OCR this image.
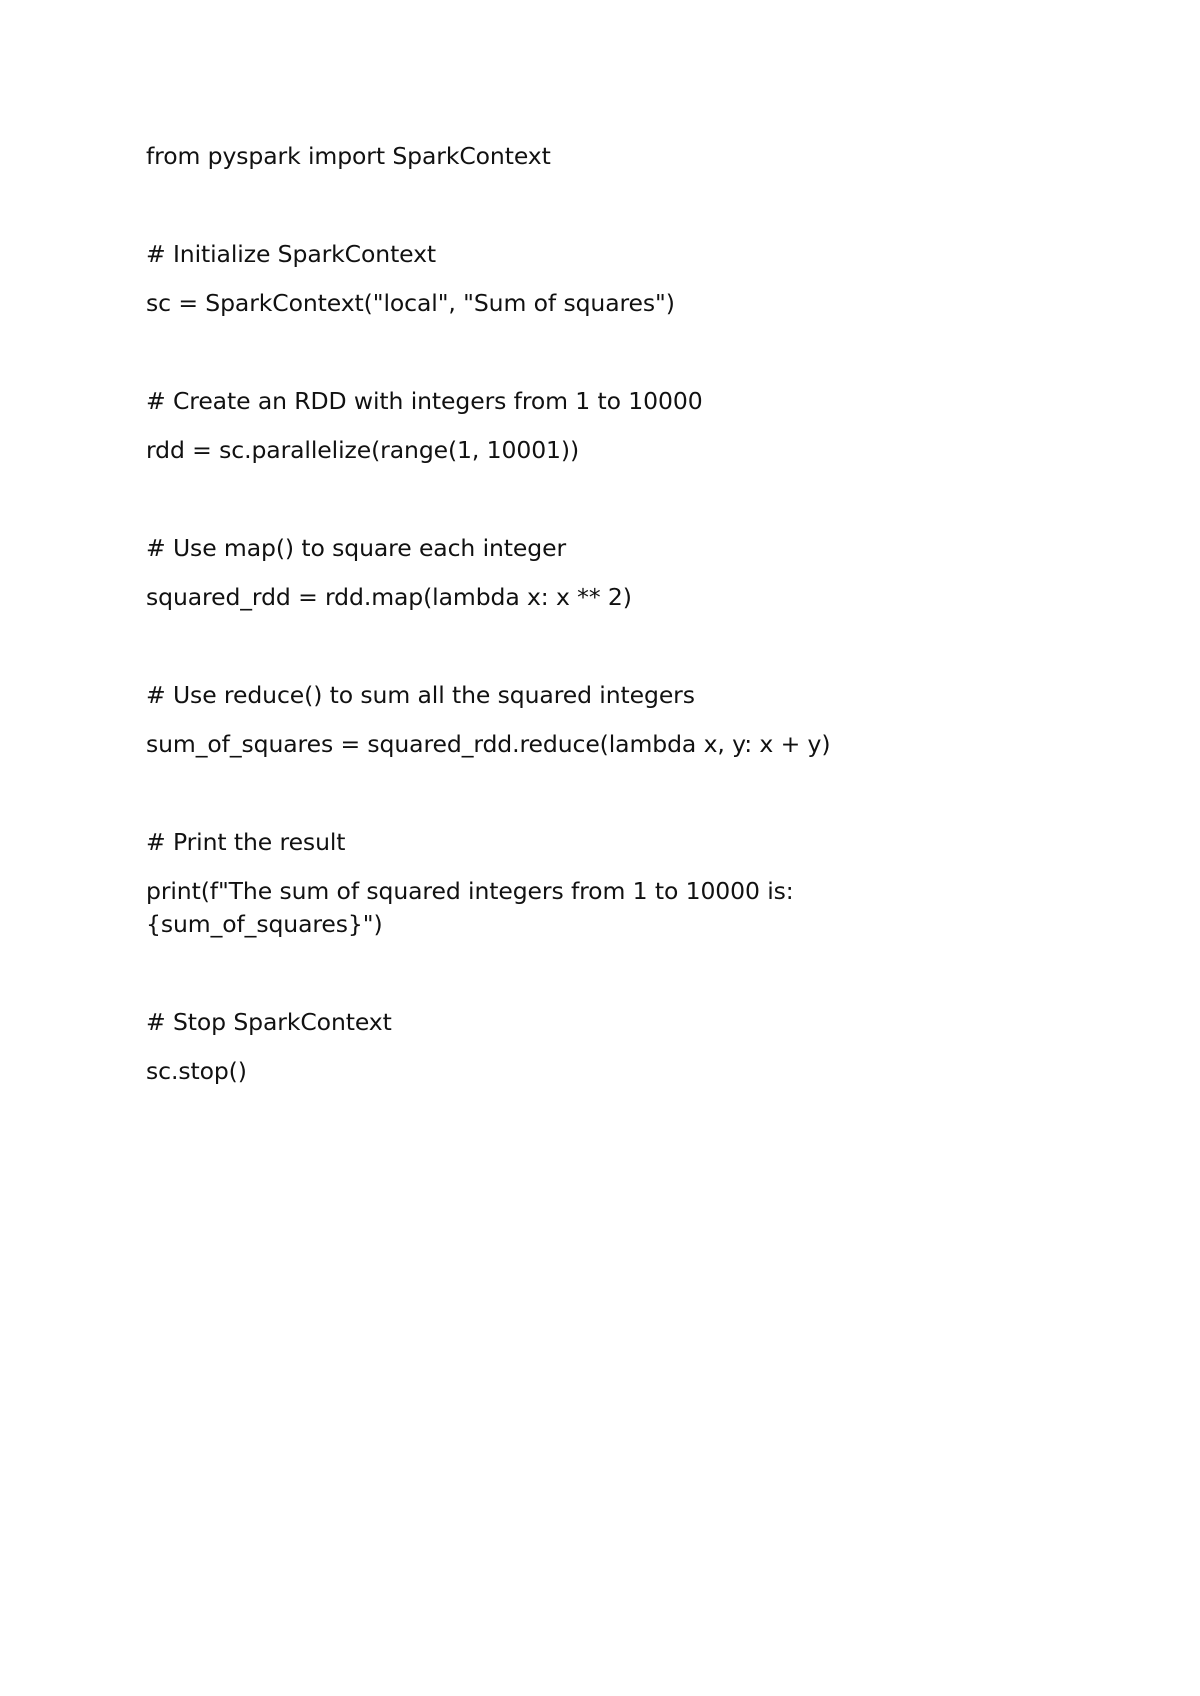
from pyspark import SparkContext

# Initialize SparkContext

sc = SparkContext("local", "Sum of squares")

# Create an RDD with integers from 1 to 10000

rdd = sc.parallelize(range(1, 10001))

# Use map() to square each integer

squared_rdd = rdd.map(lambda x: x ** 2)

# Use reduce() to sum all the squared integers

sum_of_squares = squared_rdd.reduce(lambda x, y: x + y)

# Print the result

print(f"The sum of squared integers from 1 to 10000 is: {sum_of_squares}")

# Stop SparkContext

sc.stop()
